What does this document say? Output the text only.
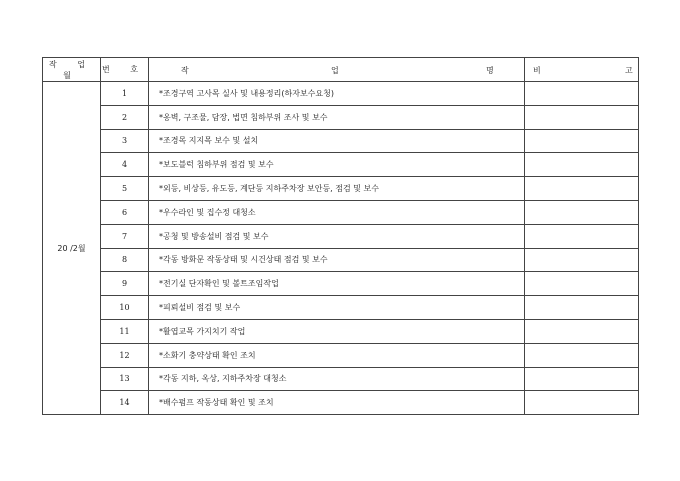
작 업 월	번 호	작 업 명	비 고

20 /2월	1	*조경구역 고사목 실사 및 내용정리(하자보수요청)	
	2	*옹벽, 구조물, 담장, 법면 침하부위 조사 및 보수	
	3	*조경목 지지목 보수 및 설치	
	4	*보도블럭 침하부위 점검 및 보수	
	5	*외등, 비상등, 유도등, 계단등 지하주차장 보안등, 점검 및 보수	
	6	*우수라인 및 집수정 대청소	
	7	*공청 및 방송설비 점검 및 보수	
	8	*각동 방화문 작동상태 및 시건상태 점검 및 보수	
	9	*전기실 단자확인 및 볼트조임작업	
	10	*피뢰설비 점검 및 보수	
	11	*활엽교목 가지치기 작업	
	12	*소화기 충약상태 확인 조치	
	13	*각동 지하, 옥상, 지하주차장 대청소	
	14	*배수펌프 작동상태 확인 및 조치	
